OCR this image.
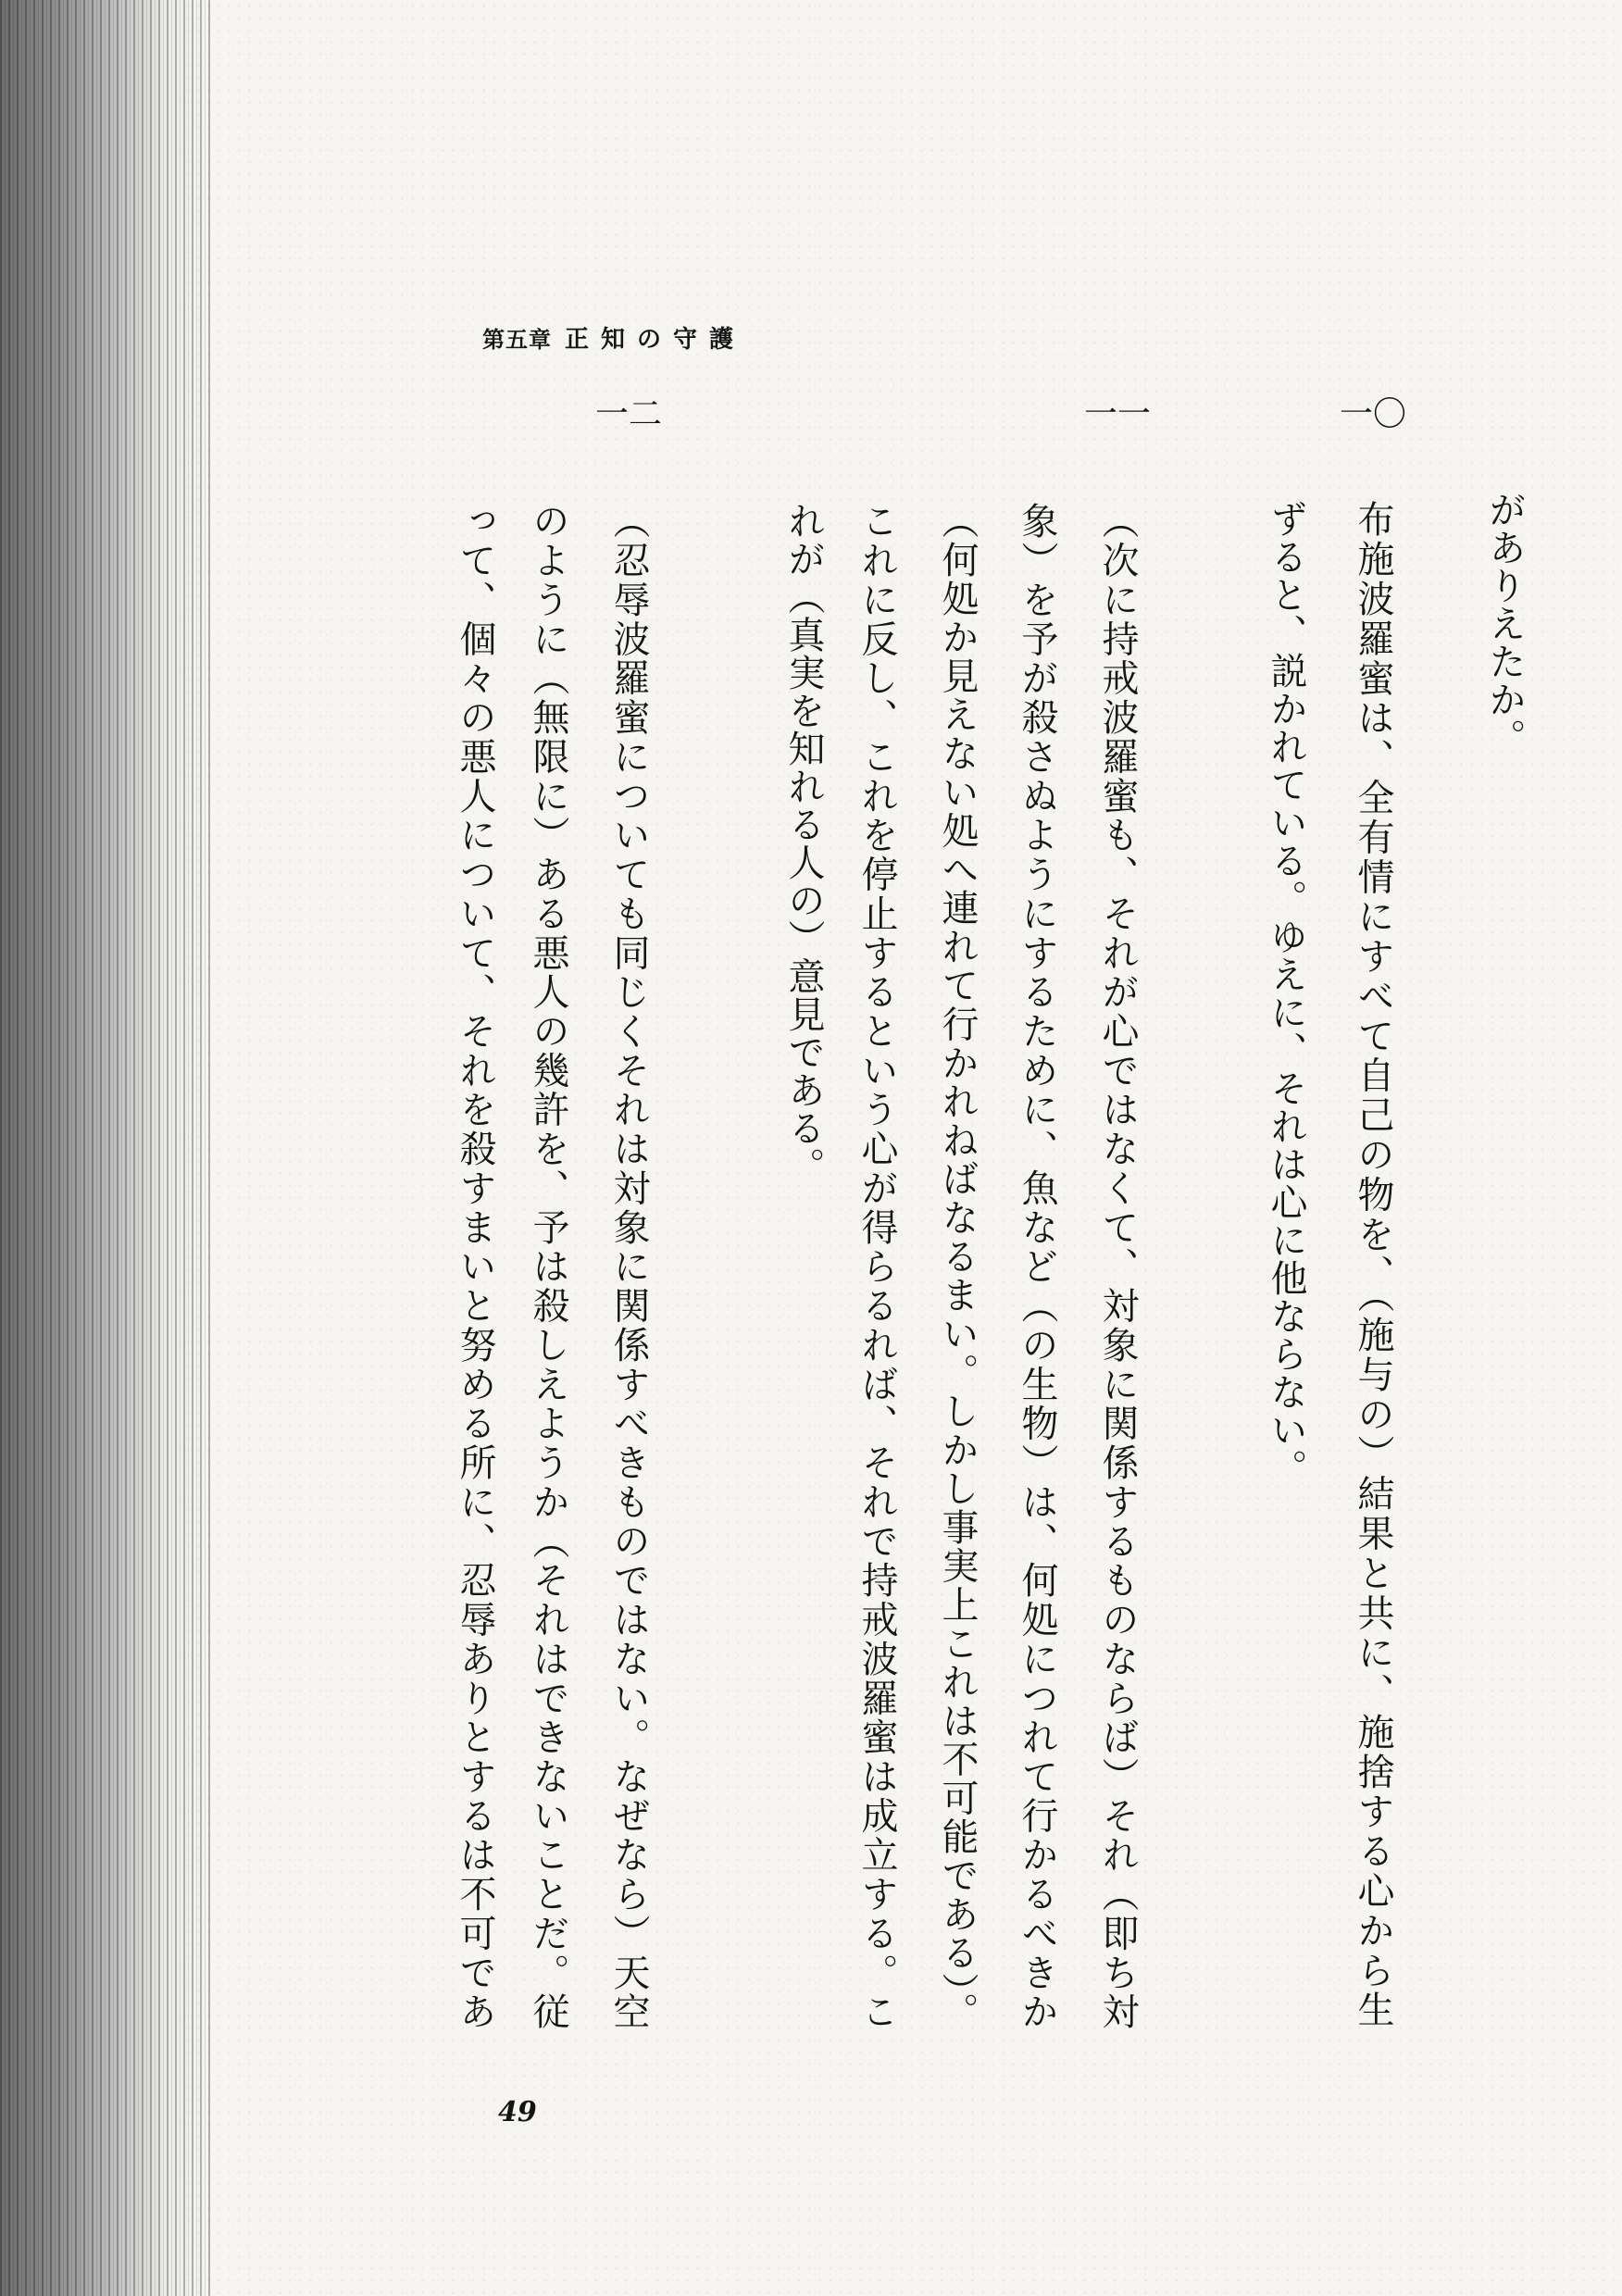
第五章 正知の守護
がありえたか。
一〇
布施波羅蜜は、全有情にすべて自己の物を、（施与の）結果と共に、施捨する心から生
ずると、説かれている。ゆえに、それは心に他ならない。
一一
（次に持戒波羅蜜も、それが心ではなくて、対象に関係するものならば）それ（即ち対
象）を予が殺さぬようにするために、魚など（の生物）は、何処につれて行かるべきか
（何処か見えない処へ連れて行かれねばなるまい。しかし事実上これは不可能である）。
これに反し、これを停止するという心が得らるれば、それで持戒波羅蜜は成立する。こ
れが（真実を知れる人の）意見である。
一二
（忍辱波羅蜜についても同じくそれは対象に関係すべきものではない。なぜなら）天空
のように（無限に）ある悪人の幾許を、予は殺しえようか（それはできないことだ。従
って、個々の悪人について、それを殺すまいと努める所に、忍辱ありとするは不可であ
49
